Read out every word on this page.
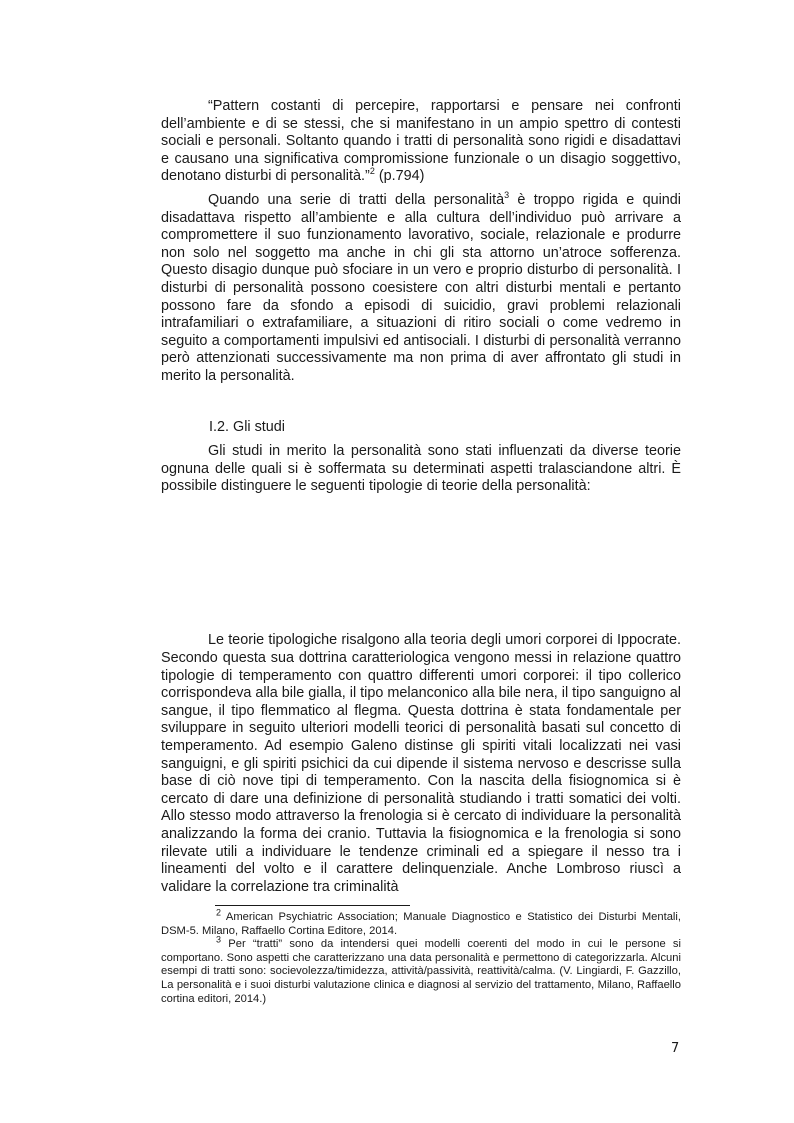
“Pattern costanti di percepire, rapportarsi e pensare nei confronti dell’ambiente e di se stessi, che si manifestano in un ampio spettro di contesti sociali e personali. Soltanto quando i tratti di personalità sono rigidi e disadattavi e causano una significativa compromissione funzionale o un disagio soggettivo, denotano disturbi di personalità.”$^2$ (p.794)

Quando una serie di tratti della personalità$^3$ è troppo rigida e quindi disadattava rispetto all’ambiente e alla cultura dell’individuo può arrivare a compromettere il suo funzionamento lavorativo, sociale, relazionale e produrre non solo nel soggetto ma anche in chi gli sta attorno un’atroce sofferenza. Questo disagio dunque può sfociare in un vero e proprio disturbo di personalità. I disturbi di personalità possono coesistere con altri disturbi mentali e pertanto possono fare da sfondo a episodi di suicidio, gravi problemi relazionali intrafamiliari o extrafamiliare, a situazioni di ritiro sociali o come vedremo in seguito a comportamenti impulsivi ed antisociali. I disturbi di personalità verranno però attenzionati successivamente ma non prima di aver affrontato gli studi in merito la personalità.

I.2. Gli studi

Gli studi in merito la personalità sono stati influenzati da diverse teorie ognuna delle quali si è soffermata su determinati aspetti tralasciandone altri. È possibile distinguere le seguenti tipologie di teorie della personalità:

Le teorie tipologiche risalgono alla teoria degli umori corporei di Ippocrate. Secondo questa sua dottrina caratteriologica vengono messi in relazione quattro tipologie di temperamento con quattro differenti umori corporei: il tipo collerico corrispondeva alla bile gialla, il tipo melanconico alla bile nera, il tipo sanguigno al sangue, il tipo flemmatico al flegma. Questa dottrina è stata fondamentale per sviluppare in seguito ulteriori modelli teorici di personalità basati sul concetto di temperamento. Ad esempio Galeno distinse gli spiriti vitali localizzati nei vasi sanguigni, e gli spiriti psichici da cui dipende il sistema nervoso e descrisse sulla base di ciò nove tipi di temperamento. Con la nascita della fisiognomica si è cercato di dare una definizione di personalità studiando i tratti somatici dei volti. Allo stesso modo attraverso la frenologia si è cercato di individuare la personalità analizzando la forma dei cranio. Tuttavia la fisiognomica e la frenologia si sono rilevate utili a individuare le tendenze criminali ed a spiegare il nesso tra i lineamenti del volto e il carattere delinquenziale. Anche Lombroso riuscì a validare la correlazione tra criminalità

$^2$ American Psychiatric Association; Manuale Diagnostico e Statistico dei Disturbi Mentali, DSM-5. Milano, Raffaello Cortina Editore, 2014.

$^3$ Per “tratti” sono da intendersi quei modelli coerenti del modo in cui le persone si comportano. Sono aspetti che caratterizzano una data personalità e permettono di categorizzarla. Alcuni esempi di tratti sono: socievolezza/timidezza, attività/passività, reattività/calma. (V. Lingiardi, F. Gazzillo, La personalità e i suoi disturbi valutazione clinica e diagnosi al servizio del trattamento, Milano, Raffaello cortina editori, 2014.)

7
